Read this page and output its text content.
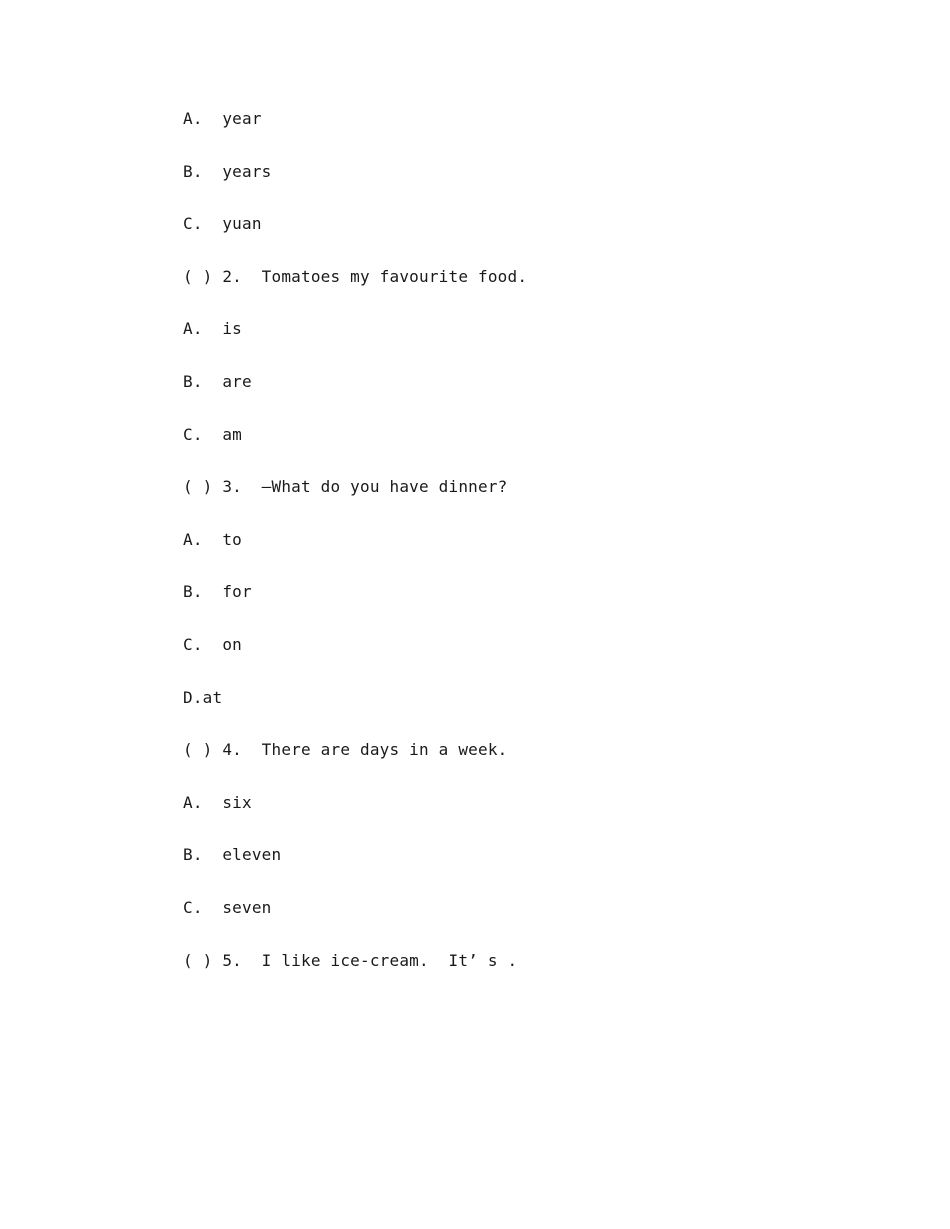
A.  year
B.  years
C.  yuan
( ) 2.  Tomatoes my favourite food.
A.  is
B.  are
C.  am
( ) 3.  —What do you have dinner?
A.  to
B.  for
C.  on
D.at
( ) 4.  There are days in a week.
A.  six
B.  eleven
C.  seven
( ) 5.  I like ice-cream.  It’ s .
